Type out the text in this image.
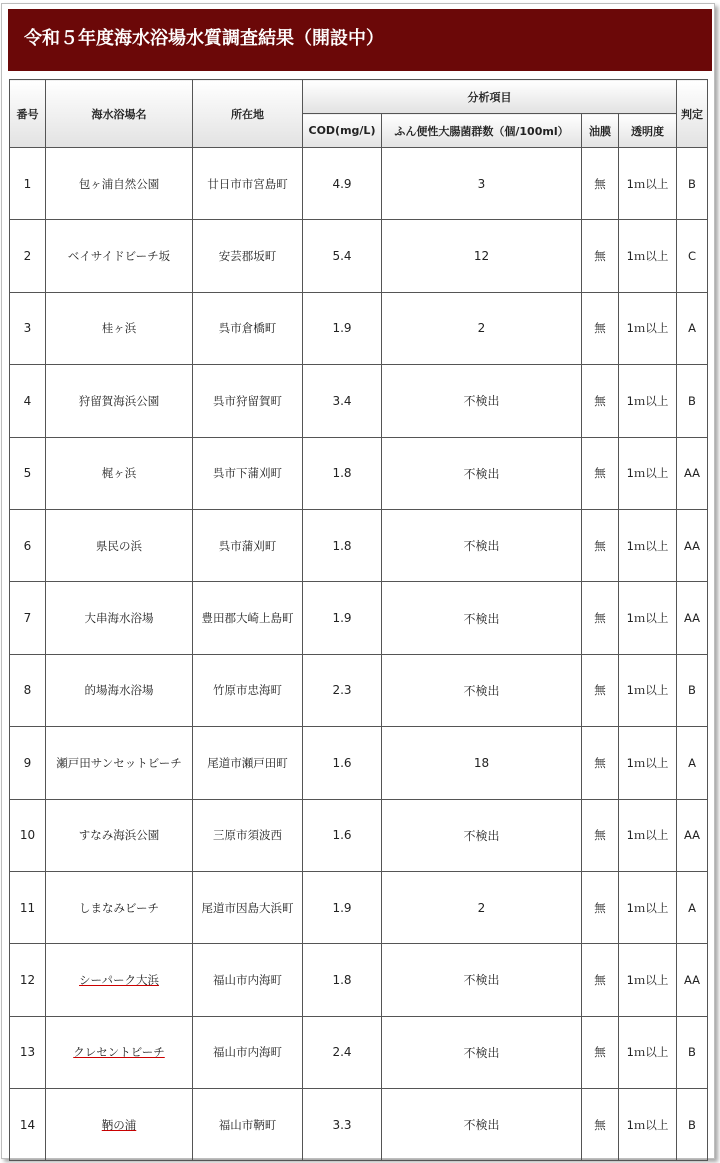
令和５年度海水浴場水質調査結果（開設中）
番号	海水浴場名	所在地	分析項目				判定
			COD(mg/L)	ふん便性大腸菌群数（個/100ml）	油膜	透明度	
1	包ヶ浦自然公園	廿日市市宮島町	4.9	3	無	1ｍ以上	B
2	ベイサイドビーチ坂	安芸郡坂町	5.4	12	無	1ｍ以上	C
3	桂ヶ浜	呉市倉橋町	1.9	2	無	1ｍ以上	A
4	狩留賀海浜公園	呉市狩留賀町	3.4	不検出	無	1ｍ以上	B
5	梶ヶ浜	呉市下蒲刈町	1.8	不検出	無	1ｍ以上	AA
6	県民の浜	呉市蒲刈町	1.8	不検出	無	1ｍ以上	AA
7	大串海水浴場	豊田郡大崎上島町	1.9	不検出	無	1ｍ以上	AA
8	的場海水浴場	竹原市忠海町	2.3	不検出	無	1ｍ以上	B
9	瀬戸田サンセットビーチ	尾道市瀬戸田町	1.6	18	無	1ｍ以上	A
10	すなみ海浜公園	三原市須波西	1.6	不検出	無	1ｍ以上	AA
11	しまなみビーチ	尾道市因島大浜町	1.9	2	無	1ｍ以上	A
12	シーパーク大浜	福山市内海町	1.8	不検出	無	1ｍ以上	AA
13	クレセントビーチ	福山市内海町	2.4	不検出	無	1ｍ以上	B
14	鞆の浦	福山市鞆町	3.3	不検出	無	1ｍ以上	B
